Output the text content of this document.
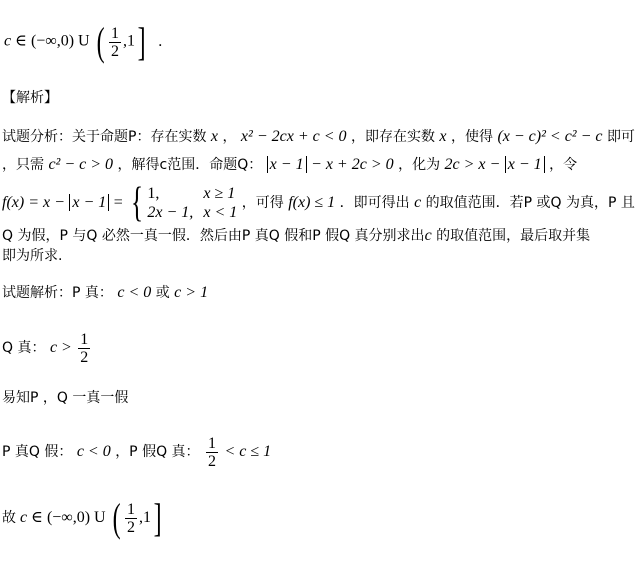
c ∈ (−∞,0) U ( $\frac{1}{2} ,1$] .
【解析】
试题分析：关于命题P：存在实数 x ， x² − 2cx + c < 0 ，即存在实数 x ，使得 (x − c)² < c² − c 即可
，只需 c² − c > 0 ，解得c范围．命题Q： x − 1 − x + 2c > 0 ，化为 2c > x − x − 1 ，令
f(x) = x − x − 1 = { 1,	x ≥ 1
2x − 1, x < 1
，可得 f(x) ≤ 1 ．即可得出 c 的取值范围．若P 或Q 为真，P 且
Q 为假，P 与Q 必然一真一假．然后由P 真Q 假和P 假Q 真分别求出c 的取值范围，最后取并集
即为所求.
试题解析：P 真： c < 0 或 c > 1
Q 真： $c > \frac{1}{2}$
易知P ，Q 一真一假
P 真Q 假： c < 0 ，P 假Q 真： $\frac{1}{2} < c \le 1$
故 c ∈ (−∞,0) U ( $\frac{1}{2} ,1$]
